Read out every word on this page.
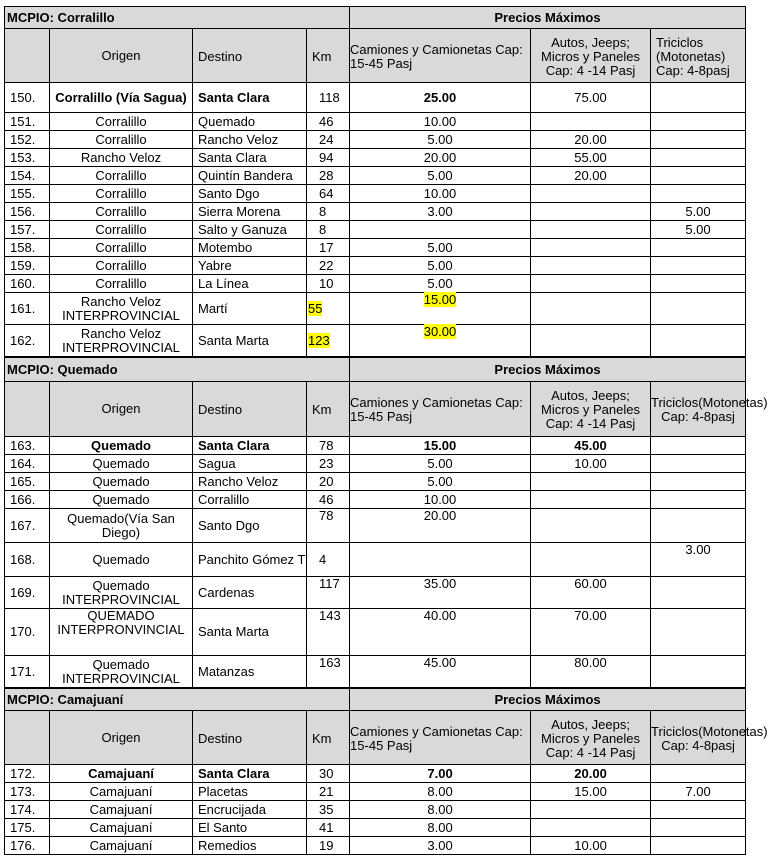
MCPIO: Corralillo				Precios Máximos		
	Origen	Destino	Km	Camiones y Camionetas Cap: 15-45 Pasj	Autos, Jeeps; Micros y Paneles Cap: 4 -14 Pasj	Triciclos (Motonetas) Cap: 4-8pasj
150.	Corralillo (Vía Sagua)	Santa Clara	118	25.00	75.00	
151.	Corralillo	Quemado	46	10.00		
152.	Corralillo	Rancho Veloz	24	5.00	20.00	
153.	Rancho Veloz	Santa Clara	94	20.00	55.00	
154.	Corralillo	Quintín Bandera	28	5.00	20.00	
155.	Corralillo	Santo Dgo	64	10.00		
156.	Corralillo	Sierra Morena	8	3.00		5.00
157.	Corralillo	Salto y Ganuza	8			5.00
158.	Corralillo	Motembo	17	5.00		
159.	Corralillo	Yabre	22	5.00		
160.	Corralillo	La Línea	10	5.00		
161.	Rancho Veloz INTERPROVINCIAL	Martí	55	15.00		
162.	Rancho Veloz INTERPROVINCIAL	Santa Marta	123	30.00		
MCPIO: Quemado				Precios Máximos		
	Origen	Destino	Km	Camiones y Camionetas Cap: 15-45 Pasj	Autos, Jeeps; Micros y Paneles Cap: 4 -14 Pasj	Triciclos(Motonetas) Cap: 4-8pasj
163.	Quemado	Santa Clara	78	15.00	45.00	
164.	Quemado	Sagua	23	5.00	10.00	
165.	Quemado	Rancho Veloz	20	5.00		
166.	Quemado	Corralillo	46	10.00		
167.	Quemado(Vía San Diego)	Santo Dgo	78	20.00		
168.	Quemado	Panchito Gómez T	4			3.00
169.	Quemado INTERPROVINCIAL	Cardenas	117	35.00	60.00	
170.	QUEMADO INTERPRONVINCIAL	Santa Marta	143	40.00	70.00	
171.	Quemado INTERPROVINCIAL	Matanzas	163	45.00	80.00	
MCPIO: Camajuaní				Precios Máximos		
	Origen	Destino	Km	Camiones y Camionetas Cap: 15-45 Pasj	Autos, Jeeps; Micros y Paneles Cap: 4 -14 Pasj	Triciclos(Motonetas) Cap: 4-8pasj
172.	Camajuaní	Santa Clara	30	7.00	20.00	
173.	Camajuaní	Placetas	21	8.00	15.00	7.00
174.	Camajuaní	Encrucijada	35	8.00		
175.	Camajuaní	El Santo	41	8.00		
176.	Camajuaní	Remedios	19	3.00	10.00	
